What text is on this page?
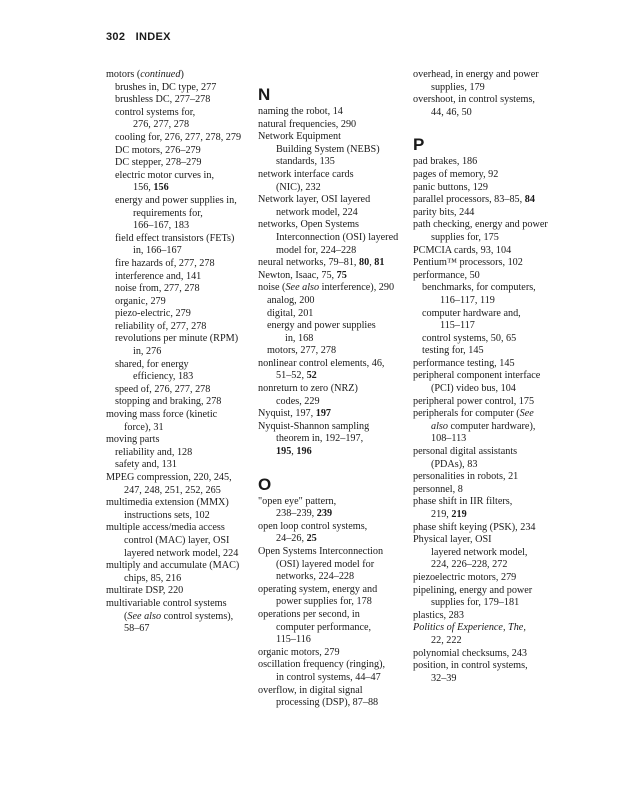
302 INDEX
motors (continued)
brushes in, DC type, 277
brushless DC, 277–278
control systems for,
276, 277, 278
cooling for, 276, 277, 278, 279
DC motors, 276–279
DC stepper, 278–279
electric motor curves in,
156, 156
energy and power supplies in,
requirements for,
166–167, 183
field effect transistors (FETs)
in, 166–167
fire hazards of, 277, 278
interference and, 141
noise from, 277, 278
organic, 279
piezo-electric, 279
reliability of, 277, 278
revolutions per minute (RPM)
in, 276
shared, for energy
efficiency, 183
speed of, 276, 277, 278
stopping and braking, 278
moving mass force (kinetic
force), 31
moving parts
reliability and, 128
safety and, 131
MPEG compression, 220, 245,
247, 248, 251, 252, 265
multimedia extension (MMX)
instructions sets, 102
multiple access/media access
control (MAC) layer, OSI
layered network model, 224
multiply and accumulate (MAC)
chips, 85, 216
multirate DSP, 220
multivariable control systems
(See also control systems),
58–67
N
naming the robot, 14
natural frequencies, 290
Network Equipment
Building System (NEBS)
standards, 135
network interface cards
(NIC), 232
Network layer, OSI layered
network model, 224
networks, Open Systems
Interconnection (OSI) layered
model for, 224–228
neural networks, 79–81, 80, 81
Newton, Isaac, 75, 75
noise (See also interference), 290
analog, 200
digital, 201
energy and power supplies
in, 168
motors, 277, 278
nonlinear control elements, 46,
51–52, 52
nonreturn to zero (NRZ)
codes, 229
Nyquist, 197, 197
Nyquist-Shannon sampling
theorem in, 192–197,
195, 196
O
"open eye" pattern,
238–239, 239
open loop control systems,
24–26, 25
Open Systems Interconnection
(OSI) layered model for
networks, 224–228
operating system, energy and
power supplies for, 178
operations per second, in
computer performance,
115–116
organic motors, 279
oscillation frequency (ringing),
in control systems, 44–47
overflow, in digital signal
processing (DSP), 87–88
overhead, in energy and power
supplies, 179
overshoot, in control systems,
44, 46, 50
P
pad brakes, 186
pages of memory, 92
panic buttons, 129
parallel processors, 83–85, 84
parity bits, 244
path checking, energy and power
supplies for, 175
PCMCIA cards, 93, 104
Pentium™ processors, 102
performance, 50
benchmarks, for computers,
116–117, 119
computer hardware and,
115–117
control systems, 50, 65
testing for, 145
performance testing, 145
peripheral component interface
(PCI) video bus, 104
peripheral power control, 175
peripherals for computer (See
also computer hardware),
108–113
personal digital assistants
(PDAs), 83
personalities in robots, 21
personnel, 8
phase shift in IIR filters,
219, 219
phase shift keying (PSK), 234
Physical layer, OSI
layered network model,
224, 226–228, 272
piezoelectric motors, 279
pipelining, energy and power
supplies for, 179–181
plastics, 283
Politics of Experience, The,
22, 222
polynomial checksums, 243
position, in control systems,
32–39
